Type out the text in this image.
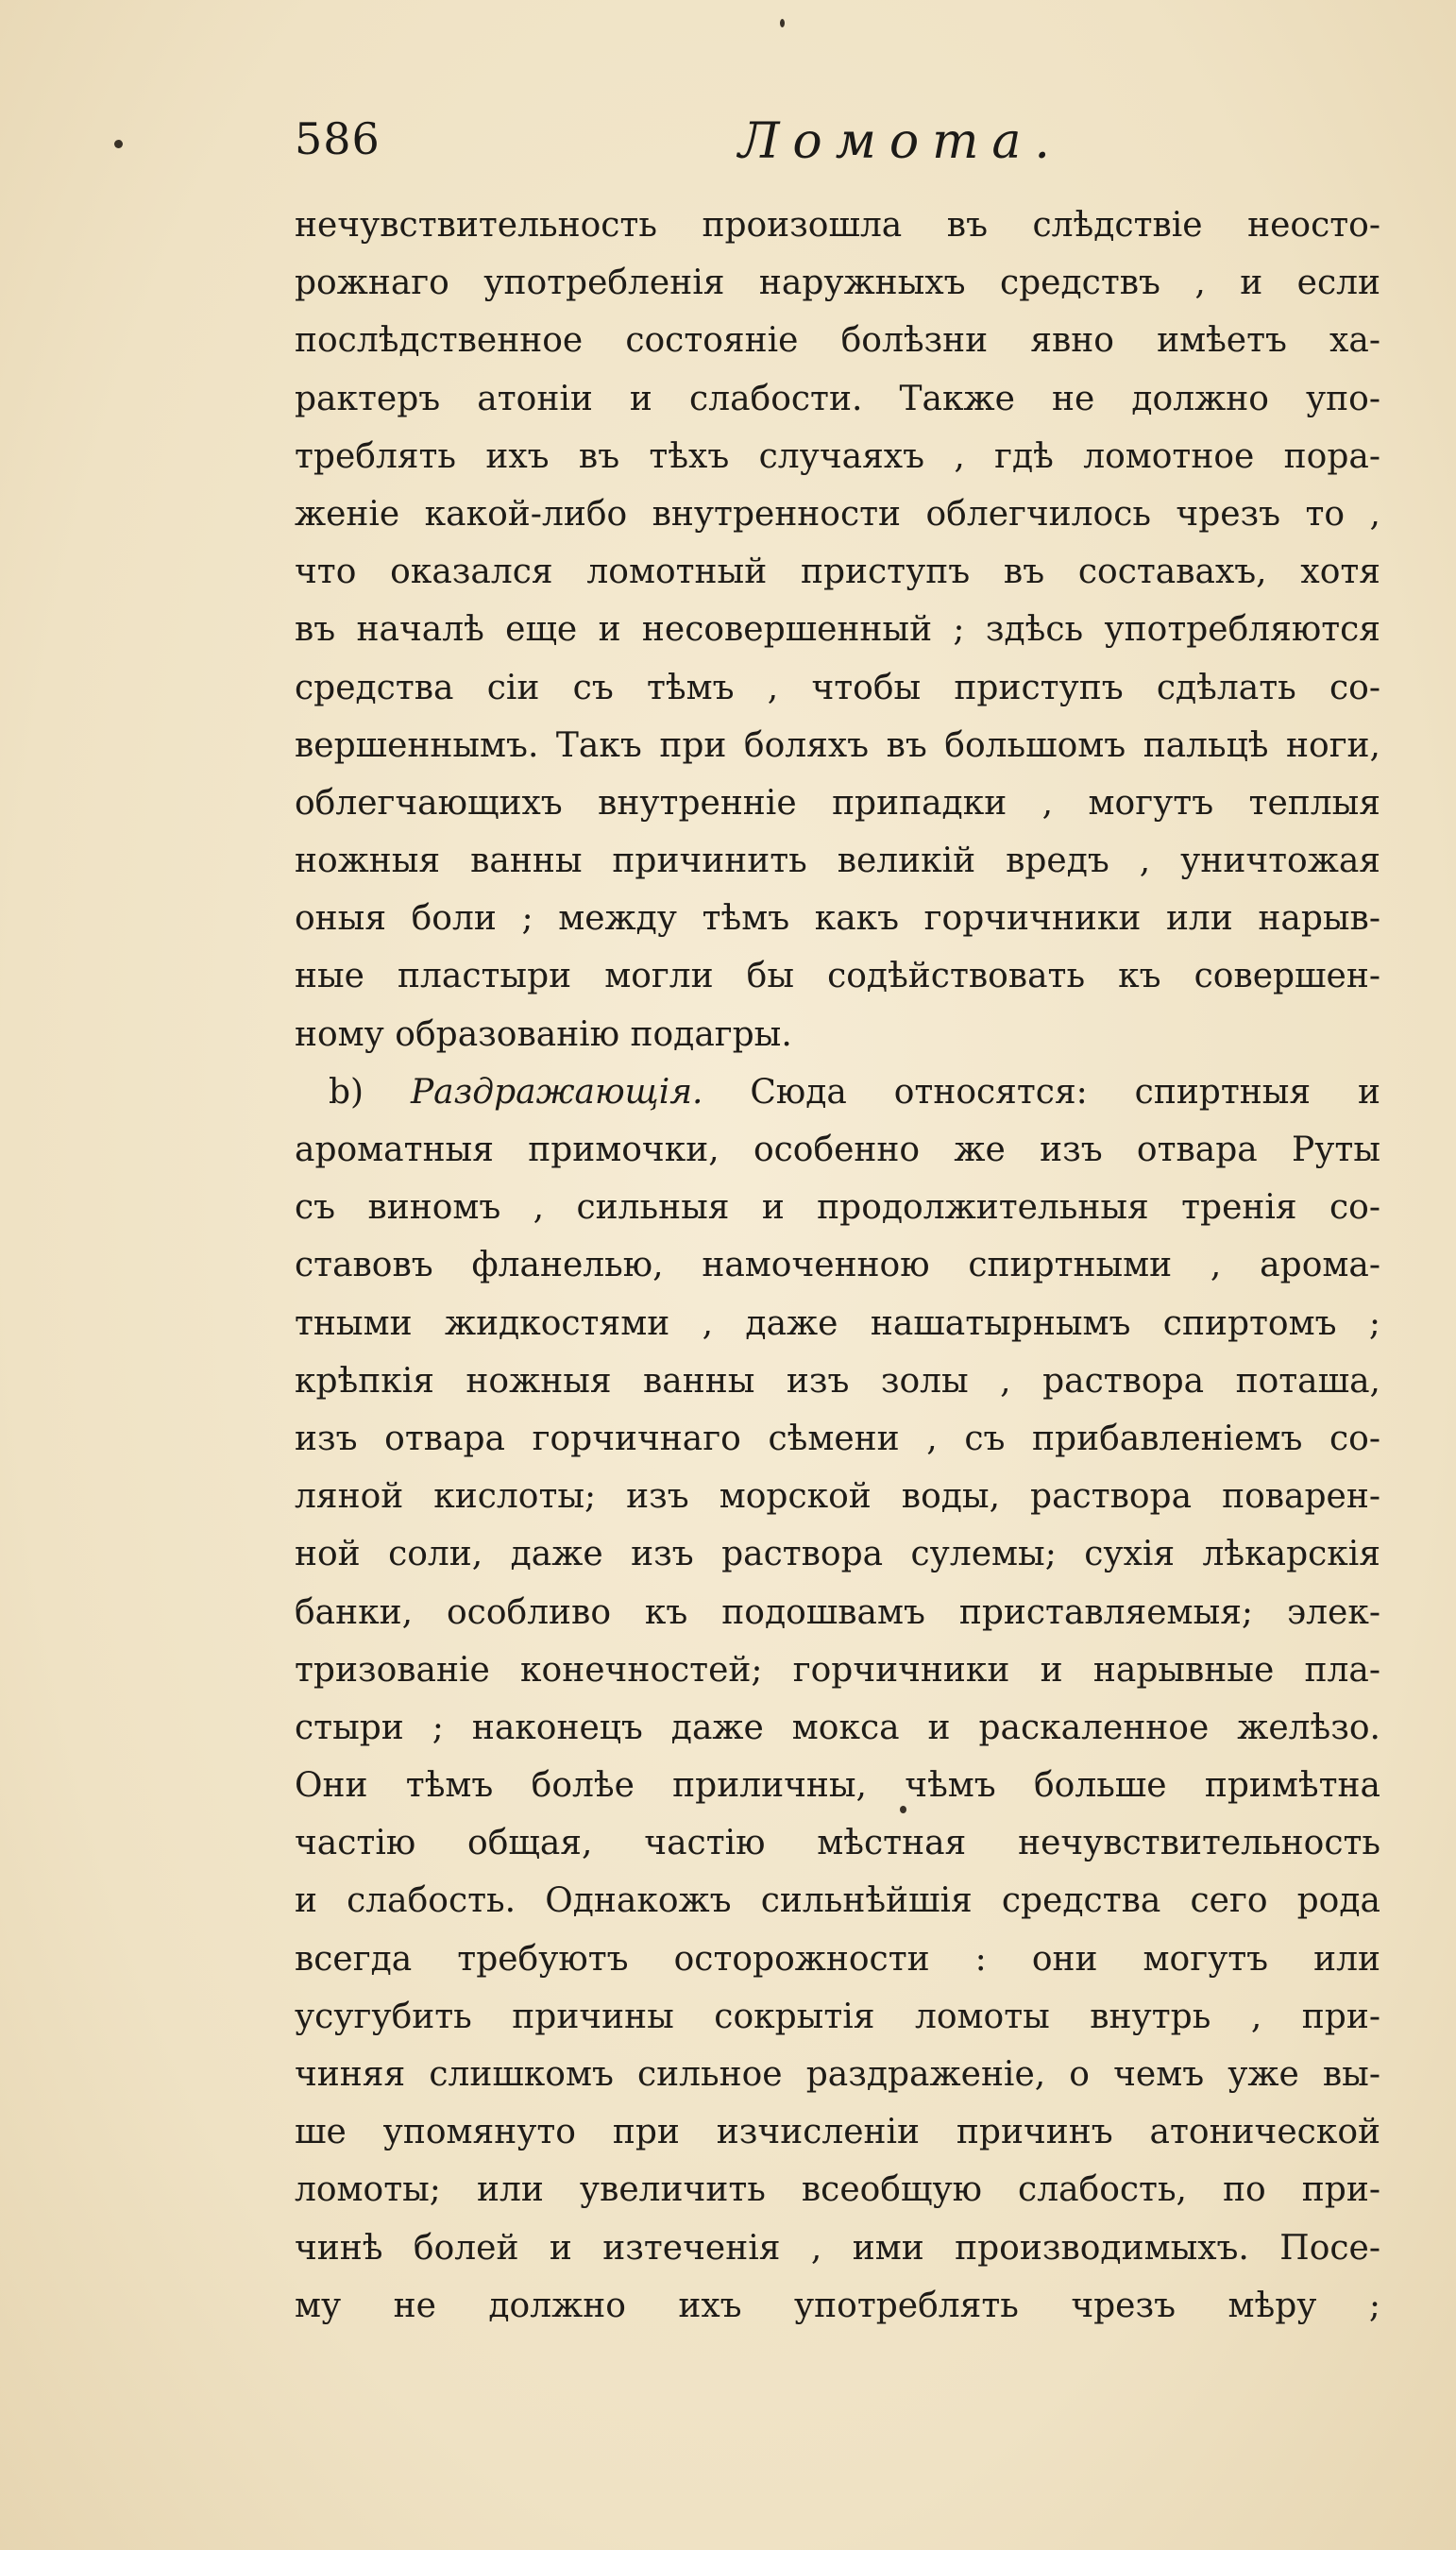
586	Ломота.
нечувствительность произошла въ слѣдствіе неосто-
рожнаго употребленія наружныхъ средствъ , и если
послѣдственное состояніе болѣзни явно имѣетъ ха-
рактеръ атоніи и слабости. Также не должно упо-
треблять ихъ въ тѣхъ случаяхъ , гдѣ ломотное пора-
женіе какой-либо внутренности облегчилось чрезъ то ,
что оказался ломотный приступъ въ составахъ, хотя
въ началѣ еще и несовершенный ; здѣсь употребляются
средства сіи съ тѣмъ , чтобы приступъ сдѣлать со-
вершеннымъ. Такъ при боляхъ въ большомъ пальцѣ ноги,
облегчающихъ внутренніе припадки , могутъ теплыя
ножныя ванны причинить великій вредъ , уничтожая
оныя боли ; между тѣмъ какъ горчичники или нарыв-
ные пластыри могли бы содѣйствовать къ совершен-
ному образованію подагры.
b) Раздражающія. Сюда относятся: спиртныя и
ароматныя примочки, особенно же изъ отвара Руты
съ виномъ , сильныя и продолжительныя тренія со-
ставовъ фланелью, намоченною спиртными , арома-
тными жидкостями , даже нашатырнымъ спиртомъ ;
крѣпкія ножныя ванны изъ золы , раствора поташа,
изъ отвара горчичнаго сѣмени , съ прибавленіемъ со-
ляной кислоты; изъ морской воды, раствора поварен-
ной соли, даже изъ раствора сулемы; сухія лѣкарскія
банки, особливо къ подошвамъ приставляемыя; элек-
тризованіе конечностей; горчичники и нарывные пла-
стыри ; наконецъ даже мокса и раскаленное желѣзо.
Они тѣмъ болѣе приличны, чѣмъ больше примѣтна
частію общая, частію мѣстная нечувствительность
и слабость. Однакожъ сильнѣйшія средства сего рода
всегда требуютъ осторожности : они могутъ или
усугубить причины сокрытія ломоты внутрь , при-
чиняя слишкомъ сильное раздраженіе, о чемъ уже вы-
ше упомянуто при изчисленіи причинъ атонической
ломоты; или увеличить всеобщую слабость, по при-
чинѣ болей и изтеченія , ими производимыхъ. Посе-
му не должно ихъ употреблять чрезъ мѣру ;
